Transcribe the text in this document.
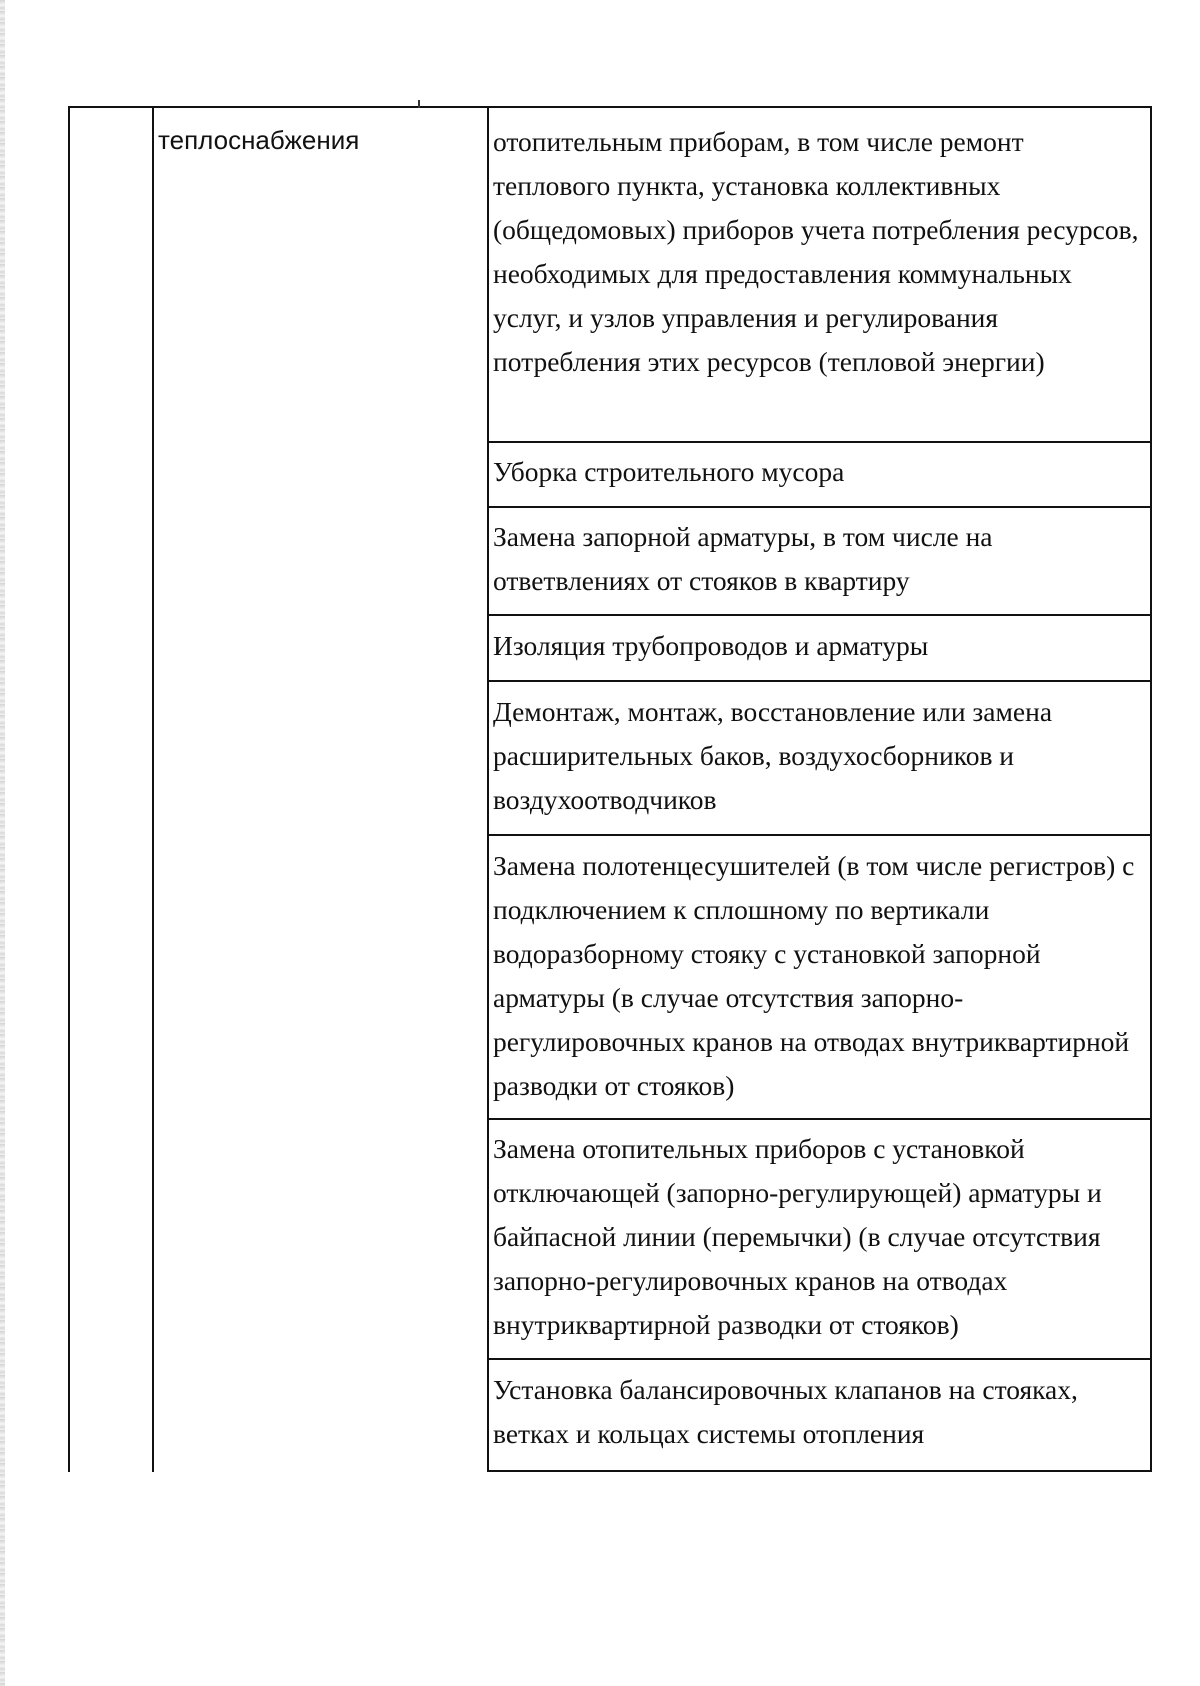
теплоснабжения	отопительным приборам, в том числе ремонт теплового пункта, установка коллективных (общедомовых) приборов учета потребления ресурсов, необходимых для предоставления коммунальных услуг, и узлов управления и регулирования потребления этих ресурсов (тепловой энергии)

Уборка строительного мусора

Замена запорной арматуры, в том числе на ответвлениях от стояков в квартиру

Изоляция трубопроводов и арматуры

Демонтаж, монтаж, восстановление или замена расширительных баков, воздухосборников и воздухоотводчиков

Замена полотенцесушителей (в том числе регистров) с подключением к сплошному по вертикали водоразборному стояку с установкой запорной арматуры (в случае отсутствия запорно-регулировочных кранов на отводах внутриквартирной разводки от стояков)

Замена отопительных приборов с установкой отключающей (запорно-регулирующей) арматуры и байпасной линии (перемычки) (в случае отсутствия запорно-регулировочных кранов на отводах внутриквартирной разводки от стояков)

Установка балансировочных клапанов на стояках, ветках и кольцах системы отопления
